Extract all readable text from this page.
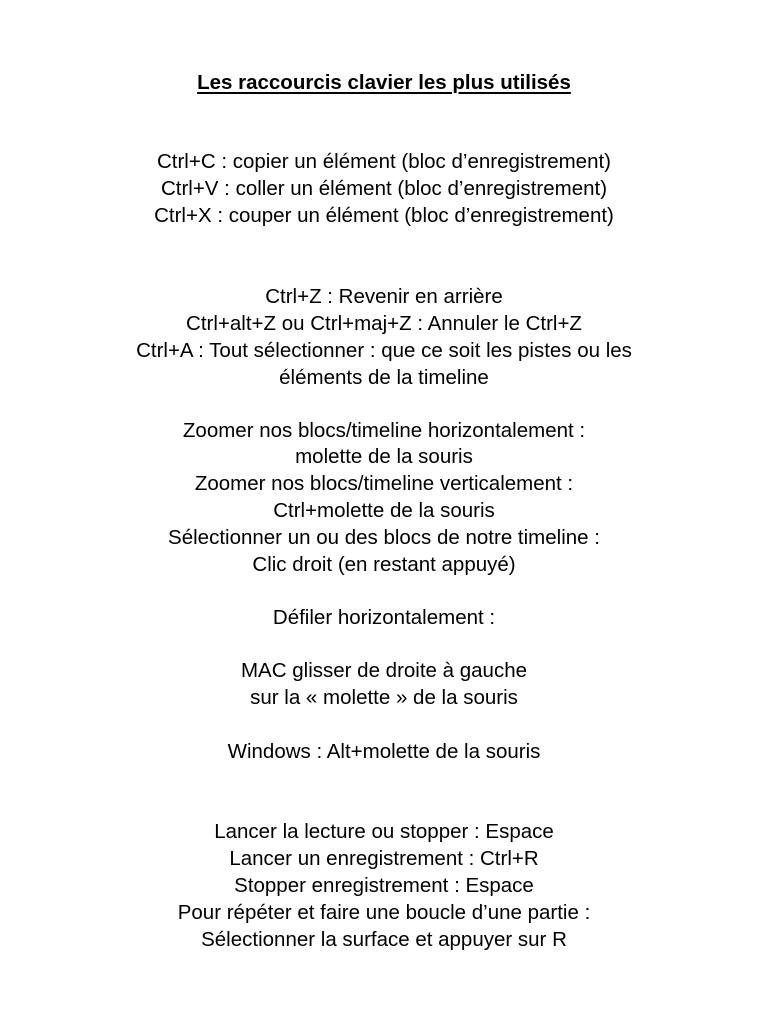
Les raccourcis clavier les plus utilisés
Ctrl+C : copier un élément (bloc d’enregistrement)
Ctrl+V : coller un élément (bloc d’enregistrement)
Ctrl+X : couper un élément (bloc d’enregistrement)
Ctrl+Z : Revenir en arrière
Ctrl+alt+Z ou Ctrl+maj+Z : Annuler le Ctrl+Z
Ctrl+A : Tout sélectionner : que ce soit les pistes ou les
éléments de la timeline
Zoomer nos blocs/timeline horizontalement :
molette de la souris
Zoomer nos blocs/timeline verticalement :
Ctrl+molette de la souris
Sélectionner un ou des blocs de notre timeline :
Clic droit (en restant appuyé)
Défiler horizontalement :
MAC glisser de droite à gauche
sur la « molette » de la souris
Windows : Alt+molette de la souris
Lancer la lecture ou stopper : Espace
Lancer un enregistrement : Ctrl+R
Stopper enregistrement : Espace
Pour répéter et faire une boucle d’une partie :
Sélectionner la surface et appuyer sur R
